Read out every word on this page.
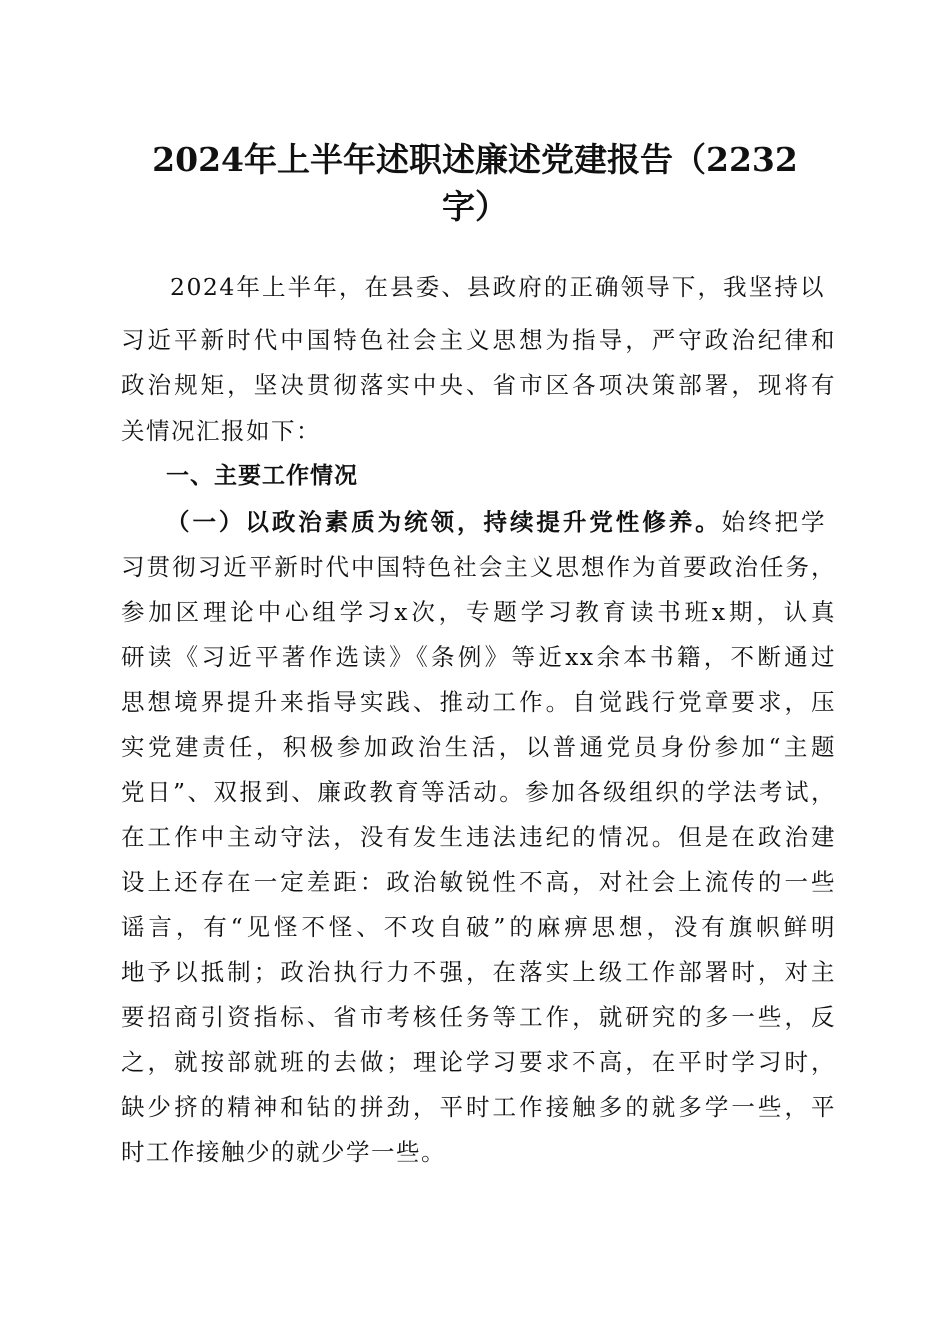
2024年上半年述职述廉述党建报告（2232
字）

2024年上半年，在县委、县政府的正确领导下，我坚持以

习近平新时代中国特色社会主义思想为指导，严守政治纪律和

政治规矩，坚决贯彻落实中央、省市区各项决策部署，现将有

关情况汇报如下：

一、主要工作情况

（一）以政治素质为统领，持续提升党性修养。始终把学

习贯彻习近平新时代中国特色社会主义思想作为首要政治任务，

参加区理论中心组学习x次，专题学习教育读书班x期，认真

研读《习近平著作选读》《条例》等近xx余本书籍，不断通过

思想境界提升来指导实践、推动工作。自觉践行党章要求，压

实党建责任，积极参加政治生活，以普通党员身份参加“主题

党日”、双报到、廉政教育等活动。参加各级组织的学法考试，

在工作中主动守法，没有发生违法违纪的情况。但是在政治建

设上还存在一定差距：政治敏锐性不高，对社会上流传的一些

谣言，有“见怪不怪、不攻自破”的麻痹思想，没有旗帜鲜明

地予以抵制；政治执行力不强，在落实上级工作部署时，对主

要招商引资指标、省市考核任务等工作，就研究的多一些，反

之，就按部就班的去做；理论学习要求不高，在平时学习时，

缺少挤的精神和钻的拼劲，平时工作接触多的就多学一些，平

时工作接触少的就少学一些。
